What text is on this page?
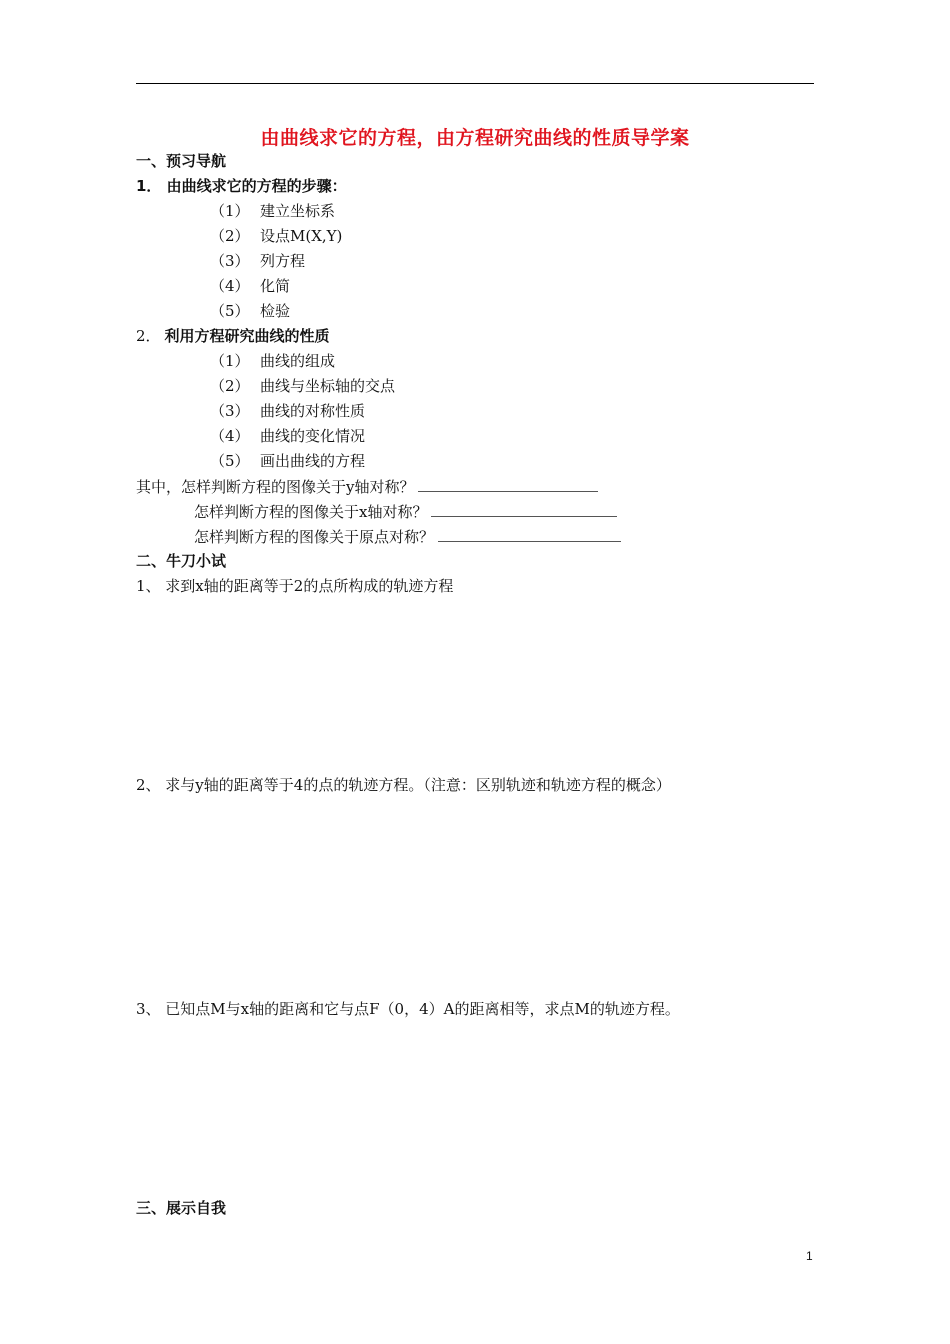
由曲线求它的方程，由方程研究曲线的性质导学案
一、预习导航
1． 由曲线求它的方程的步骤：
（1） 建立坐标系
（2） 设点M(X,Y)
（3） 列方程
（4） 化简
（5） 检验
2． 利用方程研究曲线的性质
（1） 曲线的组成
（2） 曲线与坐标轴的交点
（3） 曲线的对称性质
（4） 曲线的变化情况
（5） 画出曲线的方程
其中，怎样判断方程的图像关于y轴对称？
怎样判断方程的图像关于x轴对称？
怎样判断方程的图像关于原点对称？
二、牛刀小试
1、 求到x轴的距离等于2的点所构成的轨迹方程
2、 求与y轴的距离等于4的点的轨迹方程。（注意：区别轨迹和轨迹方程的概念）
3、 已知点M与x轴的距离和它与点F（0，4）A的距离相等，求点M的轨迹方程。
三、展示自我
1
